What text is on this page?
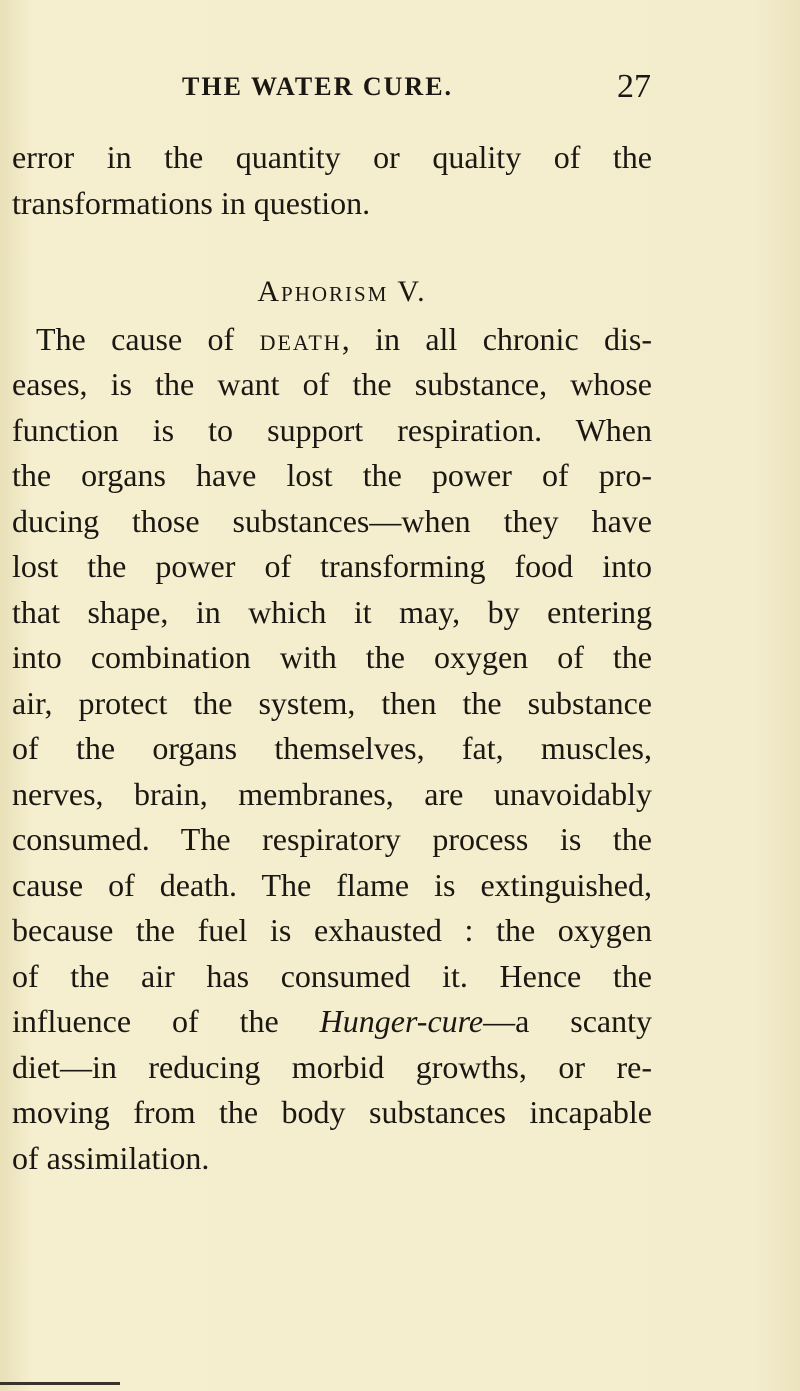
THE WATER CURE.	27
error in the quantity or quality of the
transformations in question.
Aphorism V.
The cause of death, in all chronic dis-
eases, is the want of the substance, whose
function is to support respiration. When
the organs have lost the power of pro-
ducing those substances—when they have
lost the power of transforming food into
that shape, in which it may, by entering
into combination with the oxygen of the
air, protect the system, then the substance
of the organs themselves, fat, muscles,
nerves, brain, membranes, are unavoidably
consumed. The respiratory process is the
cause of death. The flame is extinguished,
because the fuel is exhausted : the oxygen
of the air has consumed it. Hence the
influence of the Hunger-cure—a scanty
diet—in reducing morbid growths, or re-
moving from the body substances incapable
of assimilation.
